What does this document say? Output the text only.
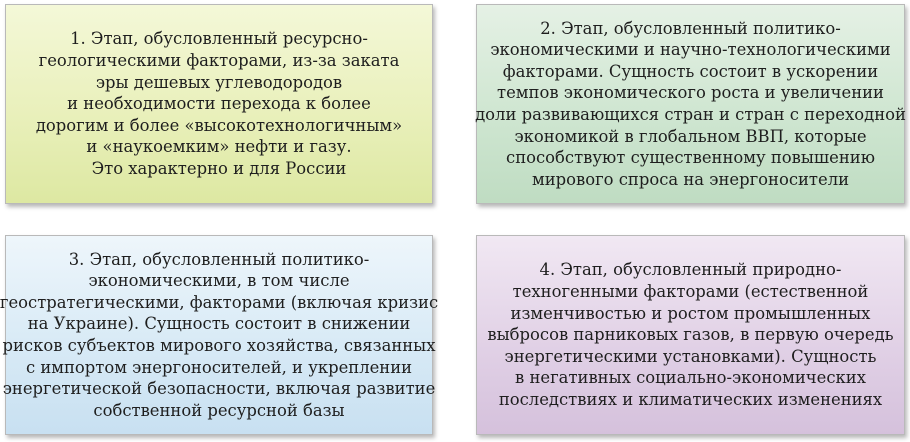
1. Этап, обусловленный ресурсно-
геологическими факторами, из-за заката
эры дешевых углеводородов
и необходимости перехода к более
дорогим и более «высокотехнологичным»
и «наукоемким» нефти и газу.
Это характерно и для России
2. Этап, обусловленный политико-
экономическими и научно-технологическими
факторами. Сущность состоит в ускорении
темпов экономического роста и увеличении
доли развивающихся стран и стран с переходной
экономикой в глобальном ВВП, которые
способствуют существенному повышению
мирового спроса на энергоносители
3. Этап, обусловленный политико-
экономическими, в том числе
геостратегическими, факторами (включая кризис
на Украине). Сущность состоит в снижении
рисков субъектов мирового хозяйства, связанных
с импортом энергоносителей, и укреплении
энергетической безопасности, включая развитие
собственной ресурсной базы
4. Этап, обусловленный природно-
техногенными факторами (естественной
изменчивостью и ростом промышленных
выбросов парниковых газов, в первую очередь
энергетическими установками). Сущность
в негативных социально-экономических
последствиях и климатических изменениях
